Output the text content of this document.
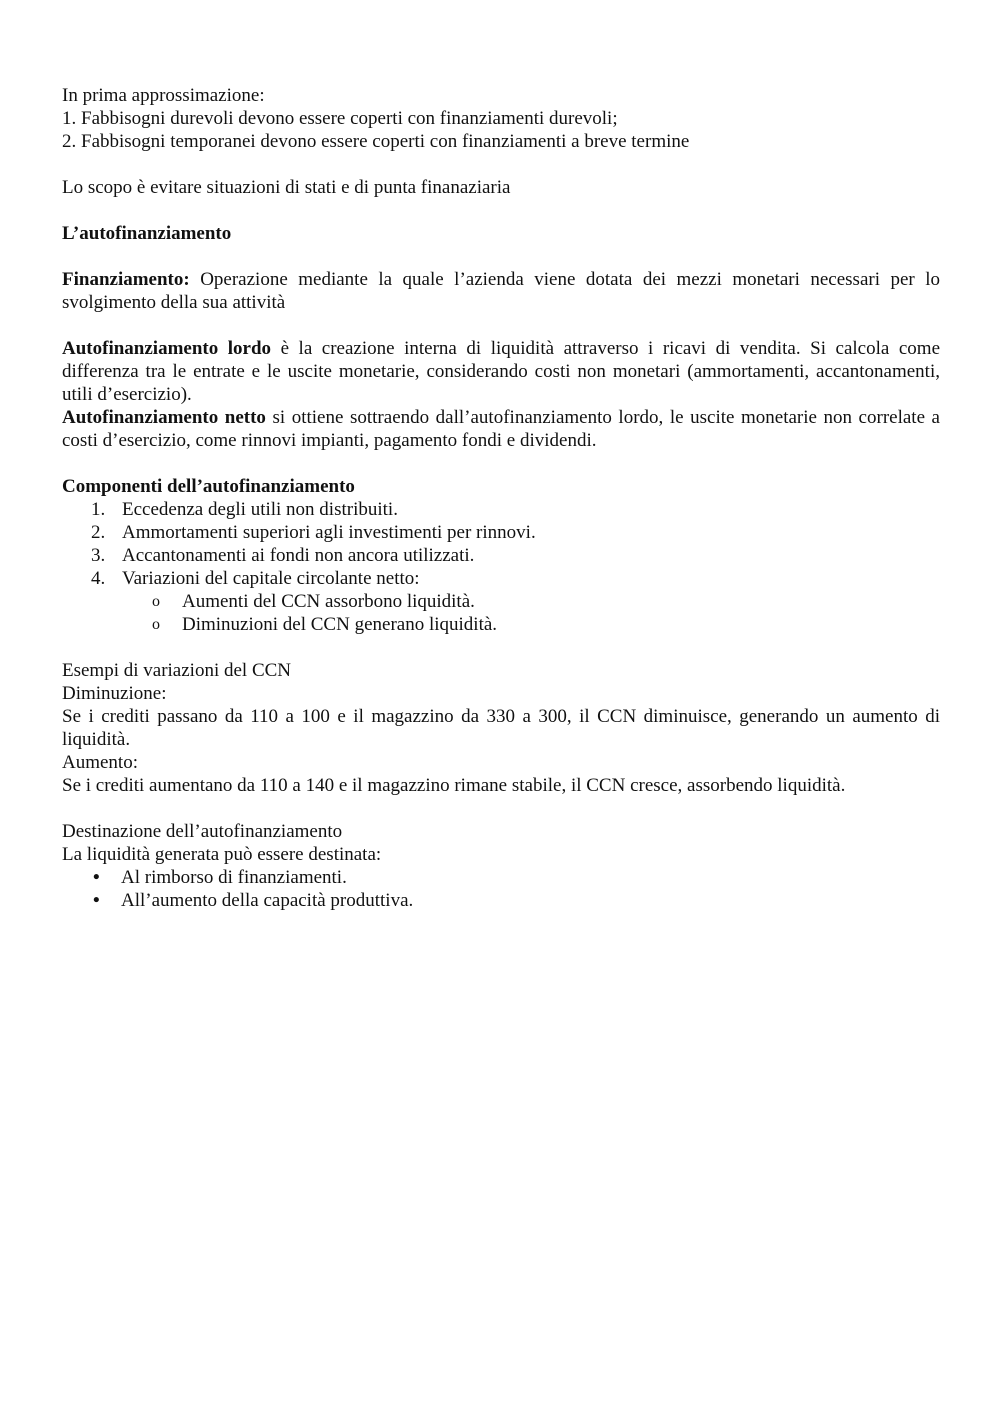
In prima approssimazione:

1. Fabbisogni durevoli devono essere coperti con finanziamenti durevoli;

2. Fabbisogni temporanei devono essere coperti con finanziamenti a breve termine

Lo scopo è evitare situazioni di stati e di punta finanaziaria

L’autofinanziamento

Finanziamento: Operazione mediante la quale l’azienda viene dotata dei mezzi monetari necessari per lo svolgimento della sua attività

Autofinanziamento lordo è la creazione interna di liquidità attraverso i ricavi di vendita. Si calcola come differenza tra le entrate e le uscite monetarie, considerando costi non monetari (ammortamenti, accantonamenti, utili d’esercizio).

Autofinanziamento netto si ottiene sottraendo dall’autofinanziamento lordo, le uscite monetarie non correlate a costi d’esercizio, come rinnovi impianti, pagamento fondi e dividendi.

Componenti dell’autofinanziamento

1. Eccedenza degli utili non distribuiti.
2. Ammortamenti superiori agli investimenti per rinnovi.
3. Accantonamenti ai fondi non ancora utilizzati.
4. Variazioni del capitale circolante netto:
o Aumenti del CCN assorbono liquidità.
o Diminuzioni del CCN generano liquidità.

Esempi di variazioni del CCN

Diminuzione:

Se i crediti passano da 110 a 100 e il magazzino da 330 a 300, il CCN diminuisce, generando un aumento di liquidità.

Aumento:

Se i crediti aumentano da 110 a 140 e il magazzino rimane stabile, il CCN cresce, assorbendo liquidità.

Destinazione dell’autofinanziamento

La liquidità generata può essere destinata:

• Al rimborso di finanziamenti.
• All’aumento della capacità produttiva.
